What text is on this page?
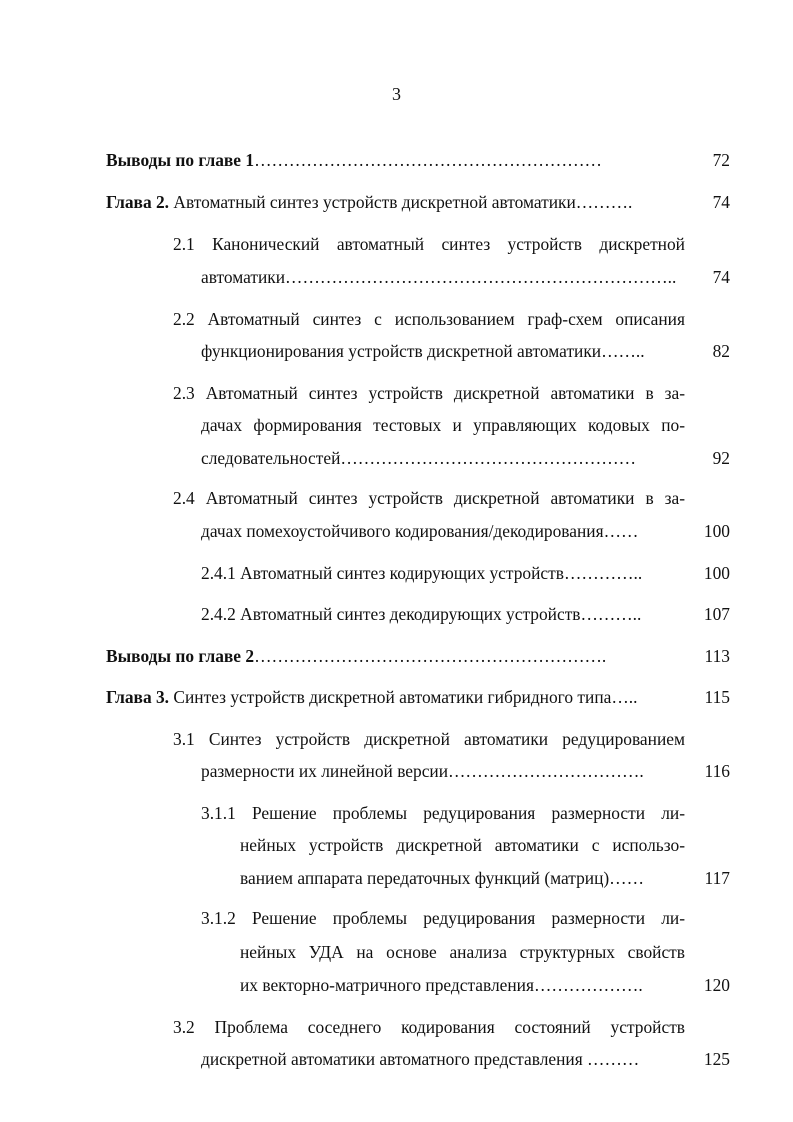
3
Выводы по главе 1……………………………………………………	72
Глава 2. Автоматный синтез устройств дискретной автоматики……….	74
2.1 Канонический автоматный синтез устройств дискретной
автоматики………………………………………………………….. 74
2.2 Автоматный синтез с использованием граф-схем описания
функционирования устройств дискретной автоматики……..	82
2.3 Автоматный синтез устройств дискретной автоматики в за-
дачах формирования тестовых и управляющих кодовых по-
следовательностей……………………………………………	92
2.4 Автоматный синтез устройств дискретной автоматики в за-
дачах помехоустойчивого кодирования/декодирования……	100
2.4.1 Автоматный синтез кодирующих устройств…………..	100
2.4.2 Автоматный синтез декодирующих устройств………..	107
Выводы по главе 2…………………………………………………….	113
Глава 3. Синтез устройств дискретной автоматики гибридного типа…..	115
3.1 Синтез устройств дискретной автоматики редуцированием
размерности их линейной версии…………………………….	116
3.1.1 Решение проблемы редуцирования размерности ли-
нейных устройств дискретной автоматики с использо-
ванием аппарата передаточных функций (матриц)……	117
3.1.2 Решение проблемы редуцирования размерности ли-
нейных УДА на основе анализа структурных свойств
их векторно-матричного представления……………….	120
3.2 Проблема соседнего кодирования состояний устройств
дискретной автоматики автоматного представления ………	125
